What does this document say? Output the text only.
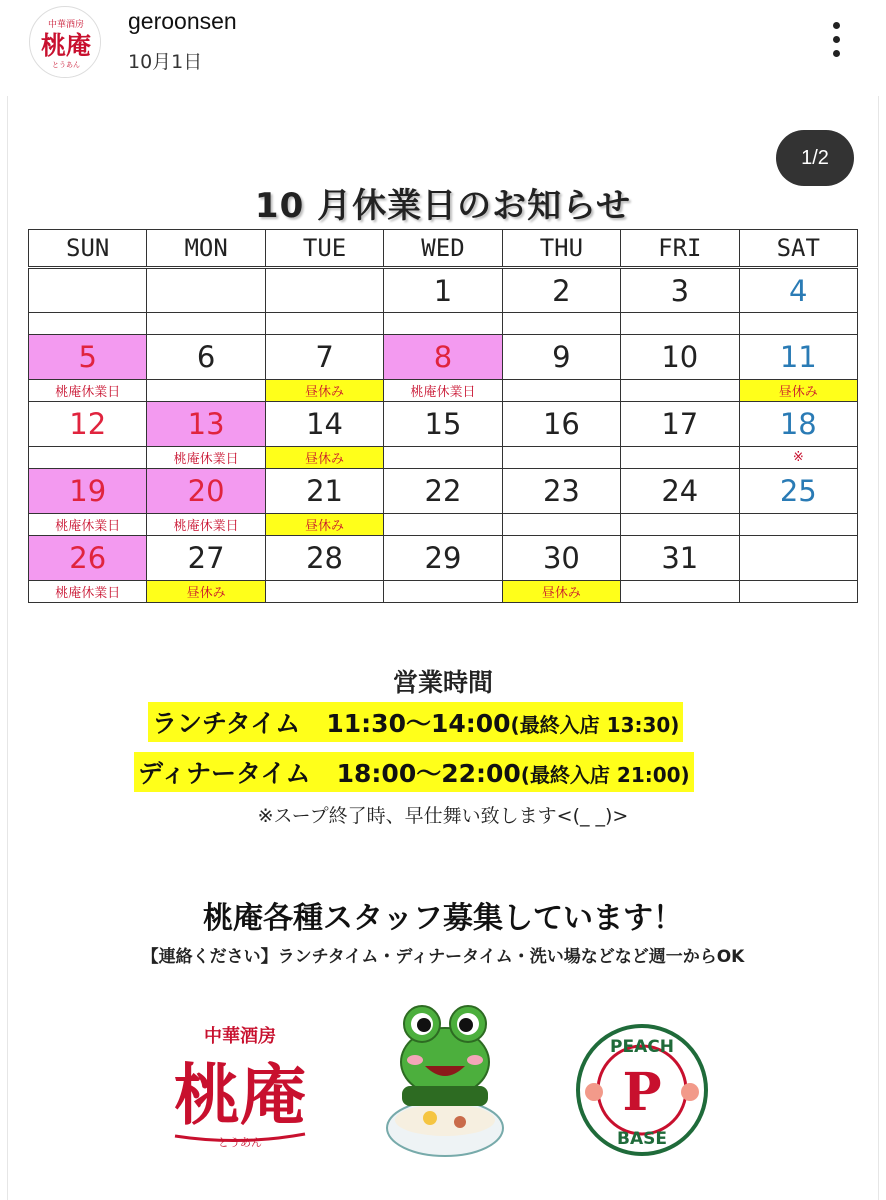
中華酒房
桃庵
とうあん
geroonsen
10月1日
1/2
10 月休業日のお知らせ
SUN	MON	TUE	WED	THU	FRI	SAT
			1	2	3	4

5	6	7	8	9	10	11
桃庵休業日		昼休み	桃庵休業日			昼休み
12	13	14	15	16	17	18
	桃庵休業日	昼休み				※
19	20	21	22	23	24	25
桃庵休業日	桃庵休業日	昼休み				
26	27	28	29	30	31	
桃庵休業日	昼休み			昼休み		
営業時間
ランチタイム 11:30〜14:00(最終入店 13:30)
ディナータイム 18:00〜22:00(最終入店 21:00)
※スープ終了時、早仕舞い致します<(_ _)>
桃庵各種スタッフ募集しています！
【連絡ください】ランチタイム・ディナータイム・洗い場などなど週一からOK
中華酒房
桃庵
とうあん
PEACH
P
BASE
